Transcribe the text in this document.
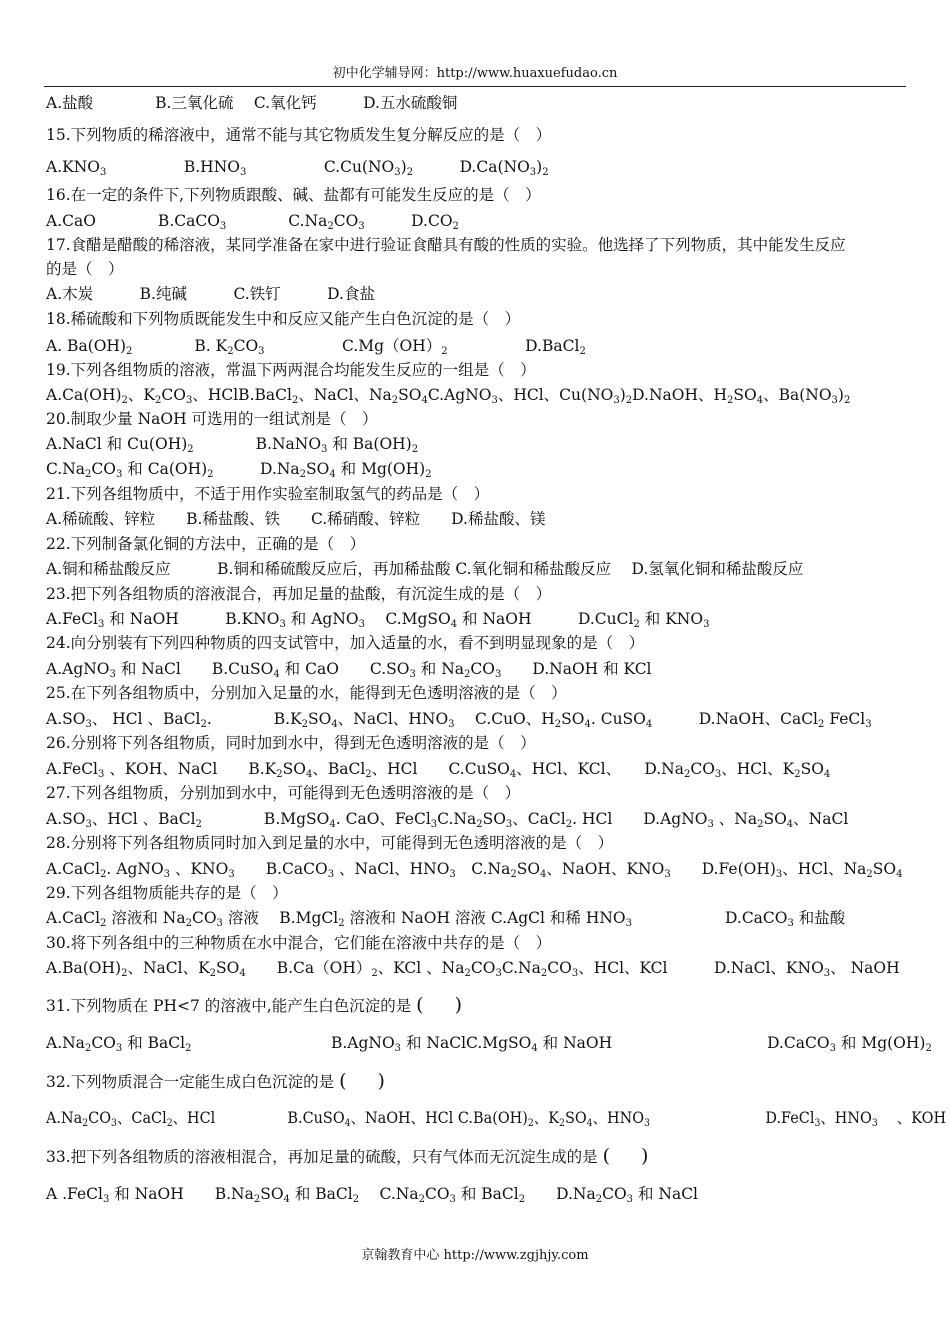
初中化学辅导网：http://www.huaxuefudao.cn
A.盐酸　　　　B.三氧化硫　 C.氧化钙　　　D.五水硫酸铜
15.下列物质的稀溶液中，通常不能与其它物质发生复分解反应的是（　）
$A.KNO_3$　　　　　$B.HNO_3$　　　　　$C.Cu(NO_3)_2$　　　$D.Ca(NO_3)_2$
16.在一定的条件下,下列物质跟酸、碱、盐都有可能发生反应的是（　）
A.CaO　　　　B.CaCO$_3$　　　　$C.Na_2CO_3$　　　$D.CO_2$
17.食醋是醋酸的稀溶液，某同学准备在家中进行验证食醋具有酸的性质的实验。他选择了下列物质，其中能发生反应
的是（　）
A.木炭　　　B.纯碱　　　C.铁钉　　　D.食盐
18.稀硫酸和下列物质既能发生中和反应又能产生白色沉淀的是（　）
A. $Ba(OH)_2$　　　　B. $K_2CO_3$　　　　　$C.Mg(OH)_2$　　　　　D.BaCl$_2$
19.下列各组物质的溶液，常温下两两混合均能发生反应的一组是（　）
$A.Ca(OH)_2$、$K_2CO_3$、HClB.BaCl$_2$、NaCl、$Na_2SO_4C.AgNO_3$、HCl、$Cu(NO_3)_2D.NaOH$、$H_2SO_4$、$Ba(NO_3)_2$
20.制取少量 NaOH 可选用的一组试剂是（　）
A.NaCl 和 $Cu(OH)_2$　　　　B.NaNO$_3$ 和 $Ba(OH)_2$
$C.Na_2CO_3$ 和 $Ca(OH)_2$　　　$D.Na_2SO_4$ 和 $Mg(OH)_2$
21.下列各组物质中，不适于用作实验室制取氢气的药品是（　）
A.稀硫酸、锌粒　　B.稀盐酸、铁　　C.稀硝酸、锌粒　　D.稀盐酸、镁
22.下列制备氯化铜的方法中，正确的是（　）
A.铜和稀盐酸反应　　　B.铜和稀硫酸反应后，再加稀盐酸 C.氧化铜和稀盐酸反应　 D.氢氧化铜和稀盐酸反应
23.把下列各组物质的溶液混合，再加足量的盐酸，有沉淀生成的是（　）
A.FeCl$_3$ 和 NaOH　　　$B.KNO_3$ 和 AgNO$_3$　 C.MgSO$_4$ 和 NaOH　　　D.CuCl$_2$ 和 $KNO_3$
24.向分别装有下列四种物质的四支试管中，加入适量的水，看不到明显现象的是（　）
A.AgNO$_3$ 和 NaCl　　B.CuSO$_4$ 和 CaO　　$C.SO_3$ 和 $Na_2CO_3$　　D.NaOH 和 KCl
25.在下列各组物质中，分别加入足量的水，能得到无色透明溶液的是（　）
$A.SO_3$、 HCl 、BaCl$_2$.　　　　$B.K_2SO_4$、NaCl、$HNO_3$　 C.CuO、$H_2SO_4$. CuSO$_4$　　　D.NaOH、CaCl$_2$ FeCl$_3$
26.分别将下列各组物质，同时加到水中，得到无色透明溶液的是（　）
A.FeCl$_3$ 、KOH、NaCl　　$B.K_2SO_4$、BaCl$_2$、HCl　　C.CuSO$_4$、HCl、KCl、　　$D.Na_2CO_3$、HCl、$K_2SO_4$
27.下列各组物质，分别加到水中，可能得到无色透明溶液的是（　）
$A.SO_3$、HCl 、BaCl$_2$　　　　B.MgSO$_4$. CaO、$FeCl_3C.Na_2SO_3$、CaCl$_2$. HCl　　D.AgNO$_3$ 、$Na_2SO_4$、NaCl
28.分别将下列各组物质同时加入到足量的水中，可能得到无色透明溶液的是（　）
A.CaCl$_2$. AgNO$_3$ 、$KNO_3$　　B.CaCO$_3$ 、NaCl、$HNO_3$　$C.Na_2SO_4$、NaOH、$KNO_3$　　$D.Fe(OH)_3$、HCl、$Na_2SO_4$
29.下列各组物质能共存的是（　）
A.CaCl$_2$ 溶液和 $Na_2CO_3$ 溶液　 B.MgCl$_2$ 溶液和 NaOH 溶液 C.AgCl 和稀 $HNO_3$　　　　　　D.CaCO$_3$ 和盐酸
30.将下列各组中的三种物质在水中混合，它们能在溶液中共存的是（　）
$A.Ba(OH)_2$、NaCl、$K_2SO_4$　　$B.Ca(OH)_2$、KCl 、$Na_2CO_3C.Na_2CO_3$、HCl、KCl　　　D.NaCl、$KNO_3$、 NaOH
31.下列物质在 PH<7 的溶液中,能产生白色沉淀的是 (　　 )
$A.Na_2CO_3$ 和 BaCl$_2$　　　　　　　　　B.AgNO$_3$ 和 NaClC.MgSO$_4$ 和 NaOH　　　　　　　　　　D.CaCO$_3$ 和 $Mg(OH)_2$
32.下列物质混合一定能生成白色沉淀的是 (　　 )
$A.Na_2CO_3$、CaCl$_2$、HCl　　　　　B.CuSO$_4$、NaOH、HCl $C.Ba(OH)_2$、$K_2SO_4$、$HNO_3$　　　　　　　　D.FeCl$_3$、$HNO_3$　 、KOH
33.把下列各组物质的溶液相混合，再加足量的硫酸，只有气体而无沉淀生成的是 (　　 )
A .FeCl$_3$ 和 NaOH　　$B.Na_2SO_4$ 和 BaCl$_2$　 $C.Na_2CO_3$ 和 BaCl$_2$　　$D.Na_2CO_3$ 和 NaCl
京翰教育中心 http://www.zgjhjy.com
